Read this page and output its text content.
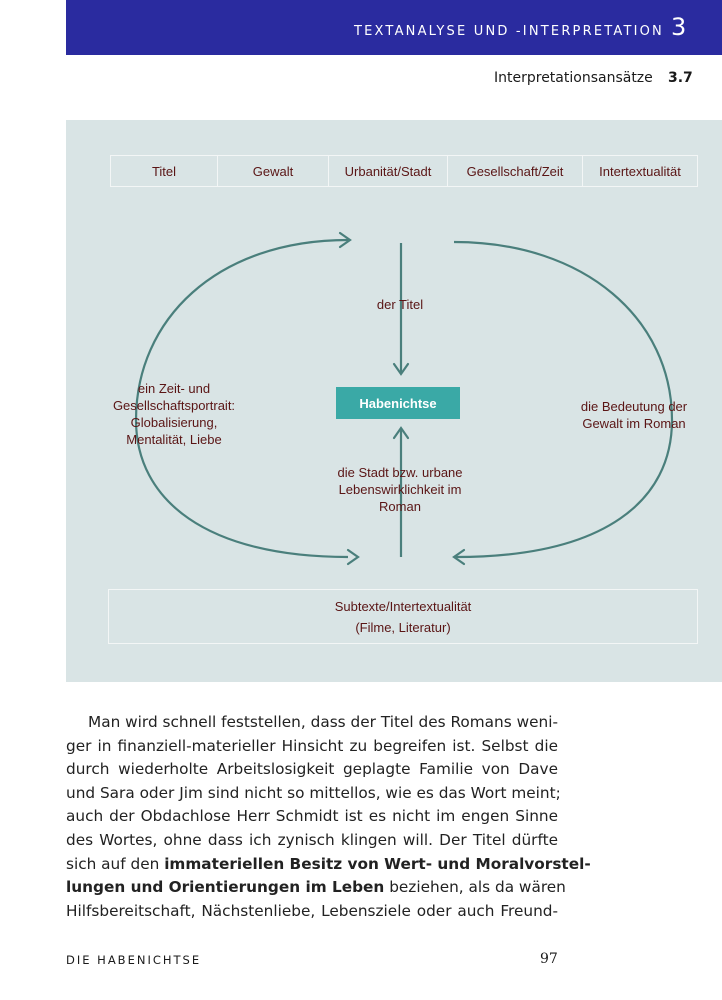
TEXTANALYSE UND -INTERPRETATION 3
Interpretationsansätze 3.7
Titel	Gewalt	Urbanität/Stadt	Gesellschaft/Zeit	Intertextualität
der Titel
Habenichtse
ein Zeit- und
Gesellschaftsportrait:
Globalisierung,
Mentalität, Liebe
die Bedeutung der
Gewalt im Roman
die Stadt bzw. urbane
Lebenswirklichkeit im
Roman
Subtexte/Intertextualität
(Filme, Literatur)
Man wird schnell feststellen, dass der Titel des Romans weni-
ger in finanziell-materieller Hinsicht zu begreifen ist. Selbst die
durch wiederholte Arbeitslosigkeit geplagte Familie von Dave
und Sara oder Jim sind nicht so mittellos, wie es das Wort meint;
auch der Obdachlose Herr Schmidt ist es nicht im engen Sinne
des Wortes, ohne dass ich zynisch klingen will. Der Titel dürfte
sich auf den immateriellen Besitz von Wert- und Moralvorstel-
lungen und Orientierungen im Leben beziehen, als da wären
Hilfsbereitschaft, Nächstenliebe, Lebensziele oder auch Freund-
DIE HABENICHTSE	97
